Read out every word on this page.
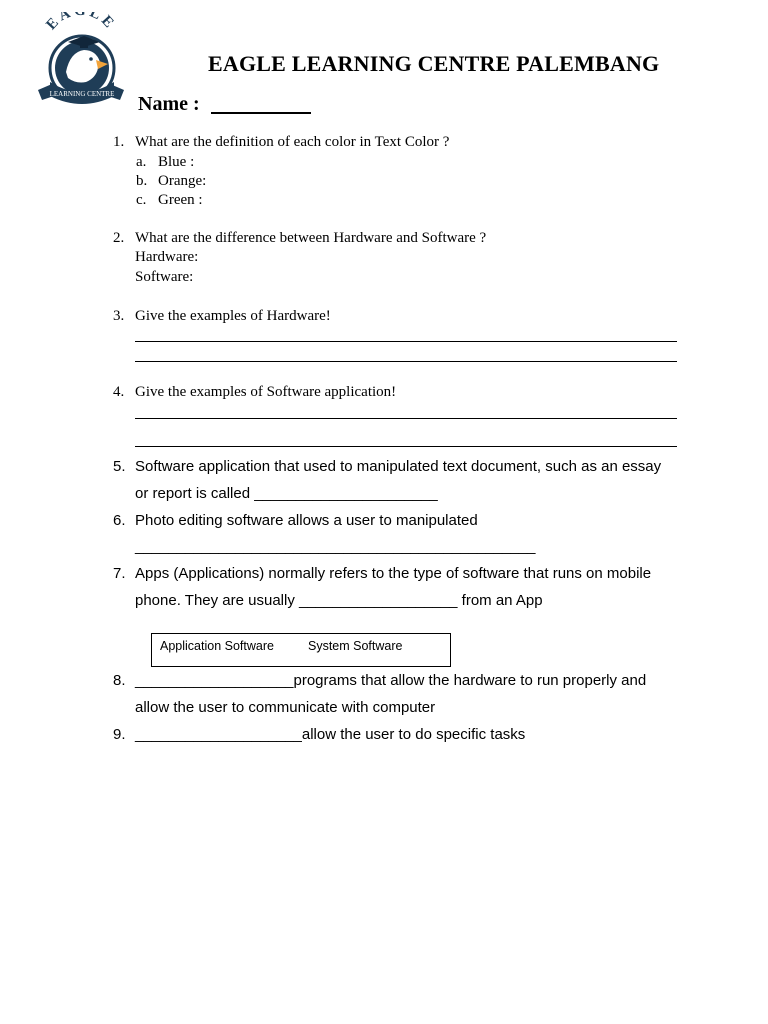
EA LE
LEARNING CENTRE
EAGLE LEARNING CENTRE PALEMBANG
Name :
1. What are the definition of each color in Text Color ?
a. Blue :
b. Orange:
c. Green :
2. What are the difference between Hardware and Software ?
Hardware:
Software:
3. Give the examples of Hardware!
4. Give the examples of Software application!
5. Software application that used to manipulated text document, such as an essay
or report is called ______________________
6. Photo editing software allows a user to manipulated
________________________________________________
7. Apps (Applications) normally refers to the type of software that runs on mobile
phone. They are usually ___________________ from an App
Application Software	System Software
8. ___________________programs that allow the hardware to run properly and
allow the user to communicate with computer
9. ____________________allow the user to do specific tasks
